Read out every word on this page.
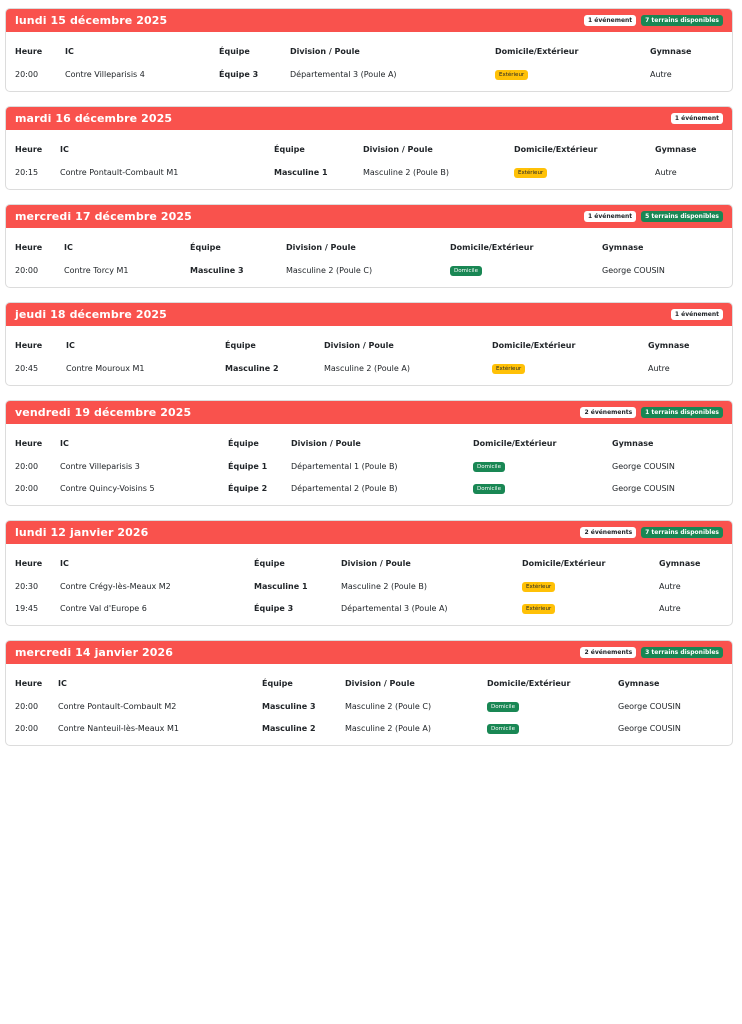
lundi 15 décembre 2025	1 événement	7 terrains disponibles
Heure	IC	Équipe	Division / Poule	Domicile/Extérieur	Gymnase
20:00	Contre Villeparisis 4	Équipe 3	Départemental 3 (Poule A)	Extérieur	Autre
mardi 16 décembre 2025	1 événement
Heure	IC	Équipe	Division / Poule	Domicile/Extérieur	Gymnase
20:15	Contre Pontault-Combault M1	Masculine 1	Masculine 2 (Poule B)	Extérieur	Autre
mercredi 17 décembre 2025	1 événement	5 terrains disponibles
Heure	IC	Équipe	Division / Poule	Domicile/Extérieur	Gymnase
20:00	Contre Torcy M1	Masculine 3	Masculine 2 (Poule C)	Domicile	George COUSIN
jeudi 18 décembre 2025	1 événement
Heure	IC	Équipe	Division / Poule	Domicile/Extérieur	Gymnase
20:45	Contre Mouroux M1	Masculine 2	Masculine 2 (Poule A)	Extérieur	Autre
vendredi 19 décembre 2025	2 événements	1 terrains disponibles
Heure	IC	Équipe	Division / Poule	Domicile/Extérieur	Gymnase
20:00	Contre Villeparisis 3	Équipe 1	Départemental 1 (Poule B)	Domicile	George COUSIN
20:00	Contre Quincy-Voisins 5	Équipe 2	Départemental 2 (Poule B)	Domicile	George COUSIN
lundi 12 janvier 2026	2 événements	7 terrains disponibles
Heure	IC	Équipe	Division / Poule	Domicile/Extérieur	Gymnase
20:30	Contre Crégy-lès-Meaux M2	Masculine 1	Masculine 2 (Poule B)	Extérieur	Autre
19:45	Contre Val d'Europe 6	Équipe 3	Départemental 3 (Poule A)	Extérieur	Autre
mercredi 14 janvier 2026	2 événements	3 terrains disponibles
Heure	IC	Équipe	Division / Poule	Domicile/Extérieur	Gymnase
20:00	Contre Pontault-Combault M2	Masculine 3	Masculine 2 (Poule C)	Domicile	George COUSIN
20:00	Contre Nanteuil-lès-Meaux M1	Masculine 2	Masculine 2 (Poule A)	Domicile	George COUSIN
